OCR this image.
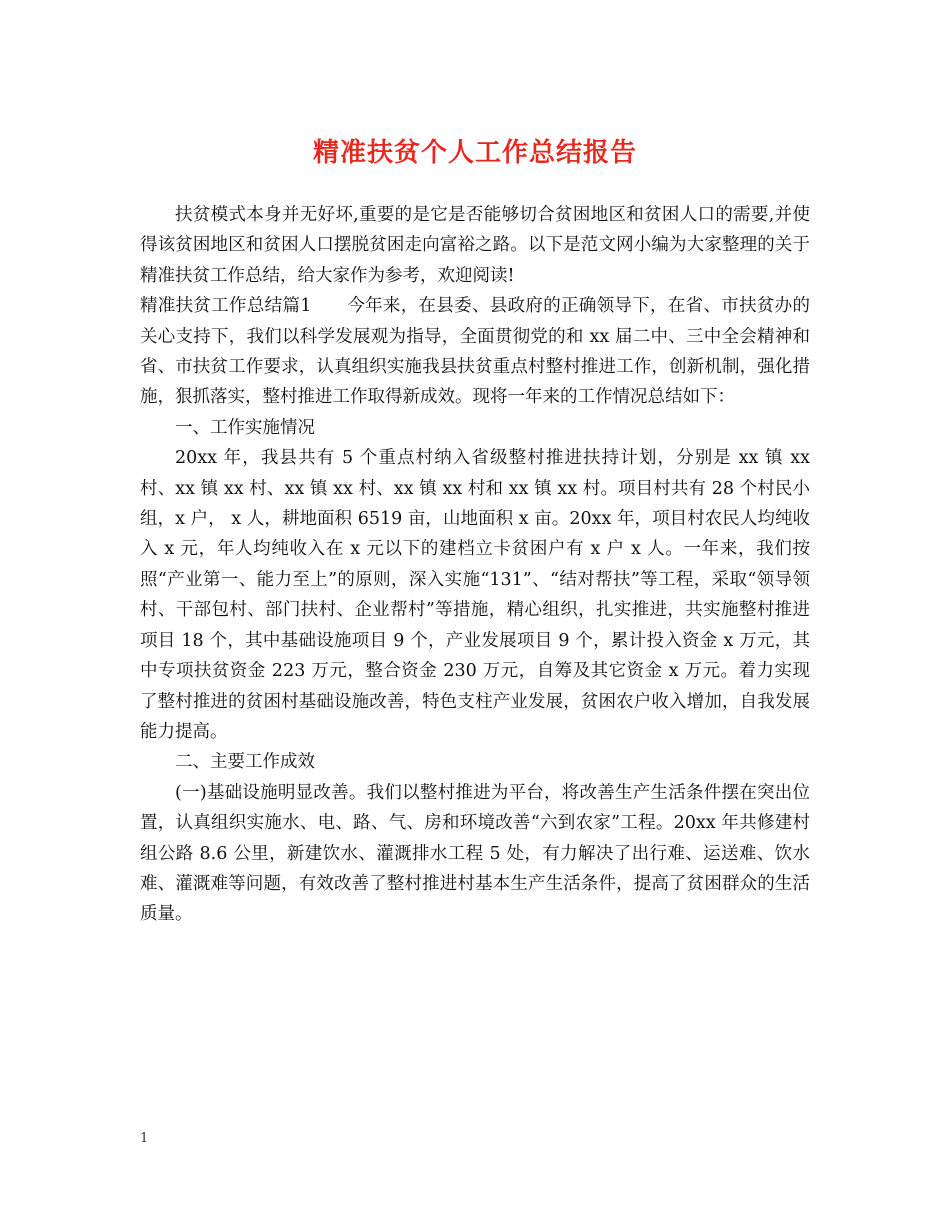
精准扶贫个人工作总结报告

扶贫模式本身并无好坏,重要的是它是否能够切合贫困地区和贫困人口的需要,并使得该贫困地区和贫困人口摆脱贫困走向富裕之路。以下是范文网小编为大家整理的关于精准扶贫工作总结，给大家作为参考，欢迎阅读!

精准扶贫工作总结篇1　　今年来，在县委、县政府的正确领导下，在省、市扶贫办的关心支持下，我们以科学发展观为指导，全面贯彻党的和 xx 届二中、三中全会精神和省、市扶贫工作要求，认真组织实施我县扶贫重点村整村推进工作，创新机制，强化措施，狠抓落实，整村推进工作取得新成效。现将一年来的工作情况总结如下：

一、工作实施情况

20xx 年，我县共有 5 个重点村纳入省级整村推进扶持计划，分别是 xx 镇 xx 村、xx 镇 xx 村、xx 镇 xx 村、xx 镇 xx 村和 xx 镇 xx 村。项目村共有 28 个村民小组，x 户， x 人，耕地面积 6519 亩，山地面积 x 亩。20xx 年，项目村农民人均纯收入 x 元，年人均纯收入在 x 元以下的建档立卡贫困户有 x 户 x 人。一年来，我们按照“产业第一、能力至上”的原则，深入实施“131”、“结对帮扶”等工程，采取“领导领村、干部包村、部门扶村、企业帮村”等措施，精心组织，扎实推进，共实施整村推进项目 18 个，其中基础设施项目 9 个，产业发展项目 9 个，累计投入资金 x 万元，其中专项扶贫资金 223 万元，整合资金 230 万元，自筹及其它资金 x 万元。着力实现了整村推进的贫困村基础设施改善，特色支柱产业发展，贫困农户收入增加，自我发展能力提高。

二、主要工作成效

(一)基础设施明显改善。我们以整村推进为平台，将改善生产生活条件摆在突出位置，认真组织实施水、电、路、气、房和环境改善“六到农家”工程。20xx 年共修建村组公路 8.6 公里，新建饮水、灌溉排水工程 5 处，有力解决了出行难、运送难、饮水难、灌溉难等问题，有效改善了整村推进村基本生产生活条件，提高了贫困群众的生活质量。

1
